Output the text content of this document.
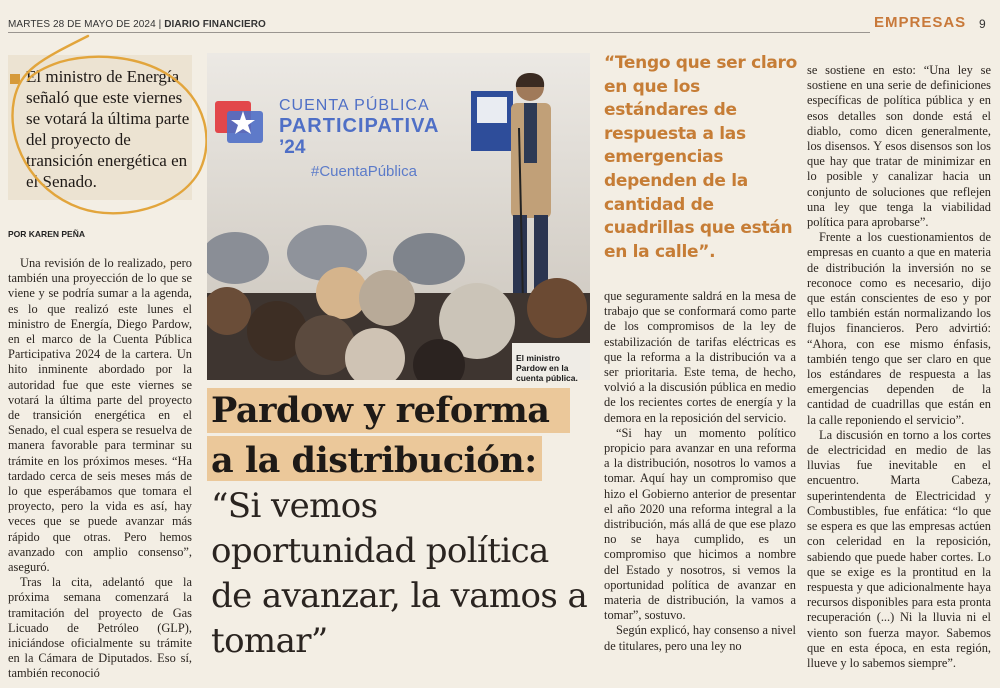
MARTES 28 DE MAYO DE 2024 | DIARIO FINANCIERO	EMPRESAS 9
El ministro de Energía señaló que este viernes se votará la última parte del proyecto de transición energética en el Senado.
POR KAREN PEÑA

Una revisión de lo realizado, pero también una proyección de lo que se viene y se podría sumar a la agenda, es lo que realizó este lunes el ministro de Energía, Diego Pardow, en el marco de la Cuenta Pública Participativa 2024 de la cartera. Un hito inminente abordado por la autoridad fue que este viernes se votará la última parte del proyecto de transición energética en el Senado, el cual espera se resuelva de manera favorable para terminar su trámite en los próximos meses. “Ha tardado cerca de seis meses más de lo que esperábamos que tomara el proyecto, pero la vida es así, hay veces que se puede avanzar más rápido que otras. Pero hemos avanzado con amplio consenso”, aseguró.

Tras la cita, adelantó que la próxima semana comenzará la tramitación del proyecto de Gas Licuado de Petróleo (GLP), iniciándose oficialmente su trámite en la Cámara de Diputados. Eso sí, también reconoció

CUENTA PÚBLICA
PARTICIPATIVA
’24
#CuentaPública
El ministro Pardow en la cuenta pública.
“Tengo que ser claro en que los estándares de respuesta a las emergencias dependen de la cantidad de cuadrillas que están en la calle”.
Pardow y reforma
a la distribución:
“Si vemos oportunidad política de avanzar, la vamos a tomar”

que seguramente saldrá en la mesa de trabajo que se conformará como parte de los compromisos de la ley de estabilización de tarifas eléctricas es que la reforma a la distribución va a ser prioritaria. Este tema, de hecho, volvió a la discusión pública en medio de los recientes cortes de energía y la demora en la reposición del servicio.

“Si hay un momento político propicio para avanzar en una reforma a la distribución, nosotros lo vamos a tomar. Aquí hay un compromiso que hizo el Gobierno anterior de presentar el año 2020 una reforma integral a la distribución, más allá de que ese plazo no se haya cumplido, es un compromiso que hicimos a nombre del Estado y nosotros, si vemos la oportunidad política de avanzar en materia de distribución, la vamos a tomar”, sostuvo.

Según explicó, hay consenso a nivel de titulares, pero una ley no

se sostiene en esto: “Una ley se sostiene en una serie de definiciones específicas de política pública y en esos detalles son donde está el diablo, como dicen generalmente, los disensos. Y esos disensos son los que hay que tratar de minimizar en lo posible y canalizar hacia un conjunto de soluciones que reflejen una ley que tenga la viabilidad política para aprobarse”.

Frente a los cuestionamientos de empresas en cuanto a que en materia de distribución la inversión no se reconoce como es necesario, dijo que están conscientes de eso y por ello también están normalizando los flujos financieros. Pero advirtió: “Ahora, con ese mismo énfasis, también tengo que ser claro en que los estándares de respuesta a las emergencias dependen de la cantidad de cuadrillas que están en la calle reponiendo el servicio”.

La discusión en torno a los cortes de electricidad en medio de las lluvias fue inevitable en el encuentro. Marta Cabeza, superintendenta de Electricidad y Combustibles, fue enfática: “lo que se espera es que las empresas actúen con celeridad en la reposición, sabiendo que puede haber cortes. Lo que se exige es la prontitud en la respuesta y que adicionalmente haya recursos disponibles para esta pronta recuperación (...) Ni la lluvia ni el viento son fuerza mayor. Sabemos que en esta época, en esta región, llueve y lo sabemos siempre”.
